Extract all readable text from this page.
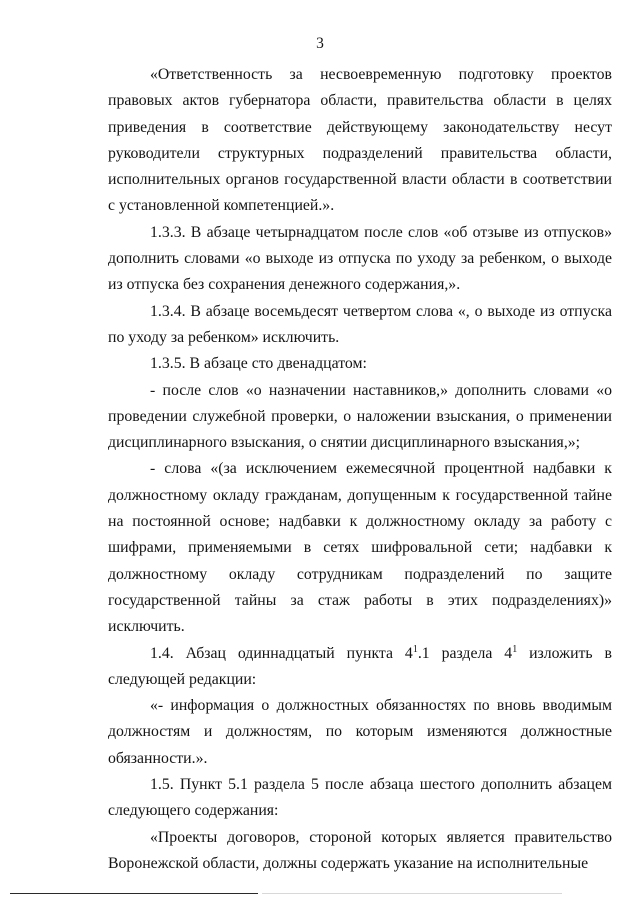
3

«Ответственность за несвоевременную подготовку проектов правовых актов губернатора области, правительства области в целях приведения в соответствие действующему законодательству несут руководители структурных подразделений правительства области, исполнительных органов государственной власти области в соответствии с установленной компетенцией.».

1.3.3. В абзаце четырнадцатом после слов «об отзыве из отпусков» дополнить словами «о выходе из отпуска по уходу за ребенком, о выходе из отпуска без сохранения денежного содержания,».

1.3.4. В абзаце восемьдесят четвертом слова «, о выходе из отпуска по уходу за ребенком» исключить.

1.3.5. В абзаце сто двенадцатом:

- после слов «о назначении наставников,» дополнить словами «о проведении служебной проверки, о наложении взыскания, о применении дисциплинарного взыскания, о снятии дисциплинарного взыскания,»;

- слова «(за исключением ежемесячной процентной надбавки к должностному окладу гражданам, допущенным к государственной тайне на постоянной основе; надбавки к должностному окладу за работу с шифрами, применяемыми в сетях шифровальной сети; надбавки к должностному окладу сотрудникам подразделений по защите государственной тайны за стаж работы в этих подразделениях)» исключить.

1.4. Абзац одиннадцатый пункта $4^1.1$ раздела $4^1$ изложить в следующей редакции:

«- информация о должностных обязанностях по вновь вводимым должностям и должностям, по которым изменяются должностные обязанности.».

1.5. Пункт 5.1 раздела 5 после абзаца шестого дополнить абзацем следующего содержания:

«Проекты договоров, стороной которых является правительство Воронежской области, должны содержать указание на исполнительные
